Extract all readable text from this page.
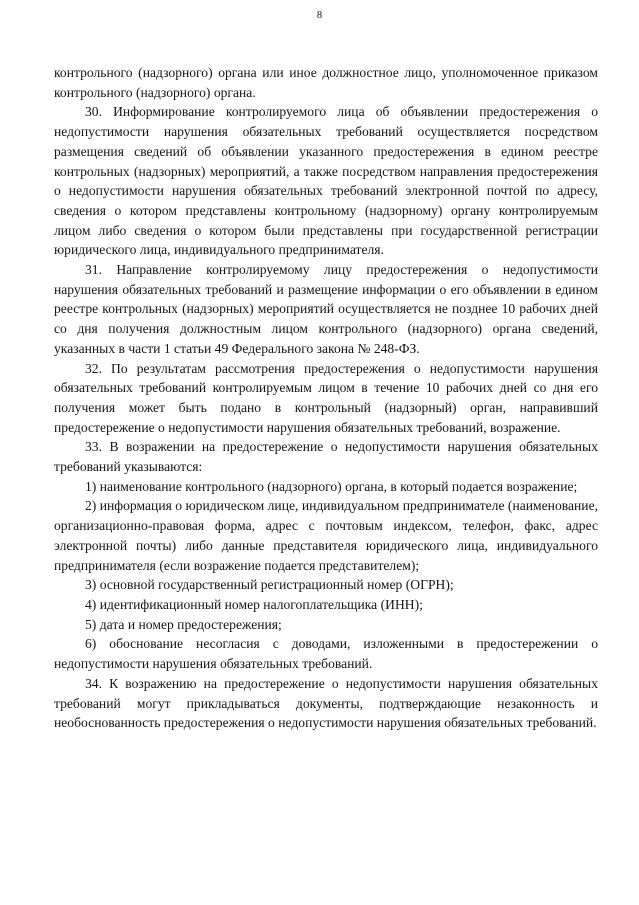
8

контрольного (надзорного) органа или иное должностное лицо, уполномоченное приказом контрольного (надзорного) органа.

30. Информирование контролируемого лица об объявлении предостережения о недопустимости нарушения обязательных требований осуществляется посредством размещения сведений об объявлении указанного предостережения в едином реестре контрольных (надзорных) мероприятий, а также посредством направления предостережения о недопустимости нарушения обязательных требований электронной почтой по адресу, сведения о котором представлены контрольному (надзорному) органу контролируемым лицом либо сведения о котором были представлены при государственной регистрации юридического лица, индивидуального предпринимателя.

31. Направление контролируемому лицу предостережения о недопустимости нарушения обязательных требований и размещение информации о его объявлении в едином реестре контрольных (надзорных) мероприятий осуществляется не позднее 10 рабочих дней со дня получения должностным лицом контрольного (надзорного) органа сведений, указанных в части 1 статьи 49 Федерального закона № 248-ФЗ.

32. По результатам рассмотрения предостережения о недопустимости нарушения обязательных требований контролируемым лицом в течение 10 рабочих дней со дня его получения может быть подано в контрольный (надзорный) орган, направивший предостережение о недопустимости нарушения обязательных требований, возражение.

33. В возражении на предостережение о недопустимости нарушения обязательных требований указываются:

1) наименование контрольного (надзорного) органа, в который подается возражение;

2) информация о юридическом лице, индивидуальном предпринимателе (наименование, организационно-правовая форма, адрес с почтовым индексом, телефон, факс, адрес электронной почты) либо данные представителя юридического лица, индивидуального предпринимателя (если возражение подается представителем);

3) основной государственный регистрационный номер (ОГРН);

4) идентификационный номер налогоплательщика (ИНН);

5) дата и номер предостережения;

6) обоснование несогласия с доводами, изложенными в предостережении о недопустимости нарушения обязательных требований.

34. К возражению на предостережение о недопустимости нарушения обязательных требований могут прикладываться документы, подтверждающие незаконность и необоснованность предостережения о недопустимости нарушения обязательных требований.
